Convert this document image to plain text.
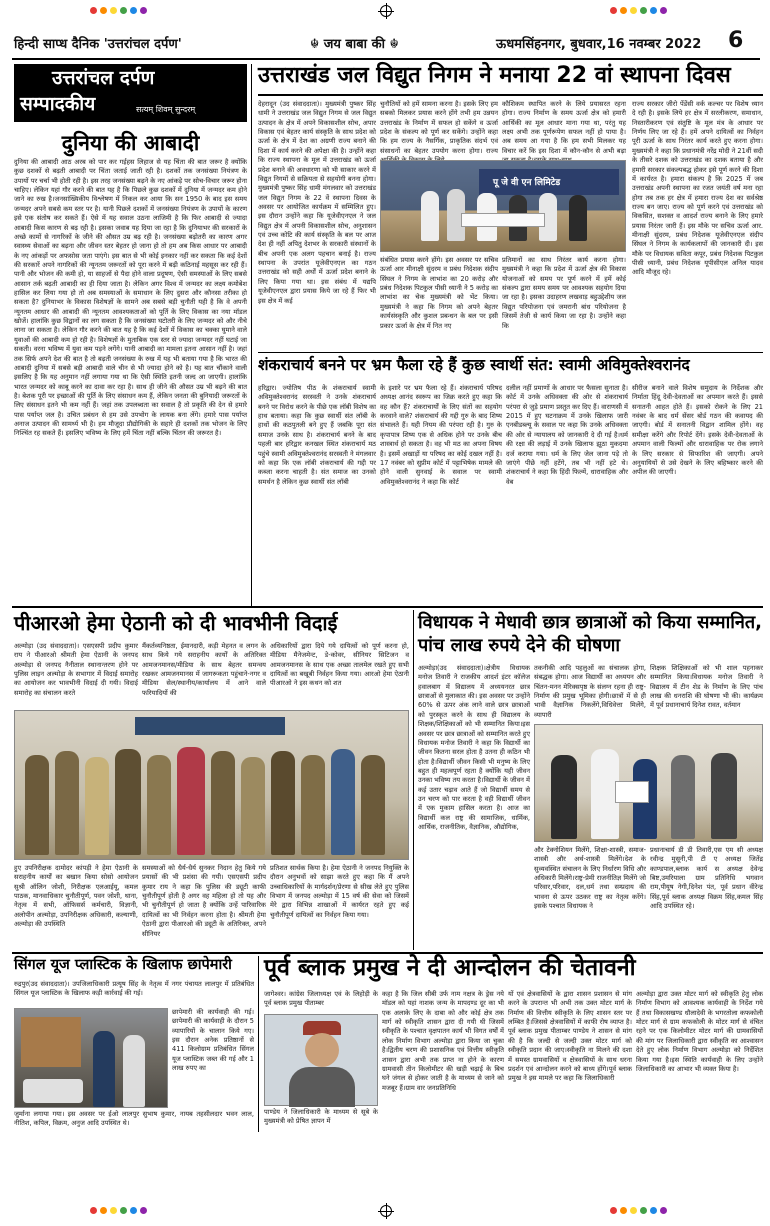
हिन्दी साप्ध दैनिक 'उत्तरांचल दर्पण'	☬ जय बाबा की ☬	ऊधमसिंहनगर, बुधवार,16 नवम्बर 2022 6
उत्तरांचल दर्पण
सम्पादकीय	सत्यम् शिवम् सुन्दरम्
दुनिया की आबादी
दुनिया की आबादी आठ अरब को पार कर गईहस लिहाज से यह चिंता की बात जरूर है क्योंकि कुछ दशकों से बढ़ती आबादी पर चिंता जताई जाती रही है। दशकों तक जनसंख्या नियंत्रण के उपायों पर चर्चा भी होती रही है। इस तरह जनसंख्या बढ़ने के नए आंकड़े पर सोच-विचार जरूर होना चाहिए। लेकिन यहां गौर करने की बात यह है कि पिछले कुछ दशकों में दुनिया में जन्मदर कम होने जाने का रुख है।जनसांख्यिकीय विश्लेषण में निकल कर आया कि सन 1950 के बाद इस समय जन्मदर अपने सबसे कम स्तर पर है। यानी पिछले दशकों में जनसंख्या नियंत्रण के उपायों के कारण इसे एक संतोष कर सकते हैं। ऐसे में यह सवाल उठना लाजिमी है कि फिर आबादी से ज्यादा आबादी किस कारण से बढ़ रही है। इसका जवाब यह दिया जा रहा है कि दुनियाभर की सरकारों के अच्छे कामों से नागरिकों के जीने की औसत उम्र बढ़ रही है। जनसंख्या बढ़ोतरी का कारण अगर स्वास्थ्य सेवाओं का बढ़ना और जीवन स्तर बेहतर हो जाना हो तो हम अब किस आधार पर आबादी के नए आंकड़ों पर अफसोस जता पाएंगे। इस बात से भी कोई इनकार नहीं कर सकता कि कई देशों की सरकारें अपने नागरिकों की न्यूनतम जरूरतों को पूरा करने में बढ़ी कठिनाई महसूस कर रही हैं। पानी और भोजन की कमी हो, या साहजों से पैदा होने वाला प्रदूषण, ऐसी समस्याओं के लिए सबसे आसान तर्क बढ़ती आबादी का ही दिया जाता है। लेकिन अगर विश्व में जन्मदर का लक्ष्य कमोबेश हासिल कर लिया गया हो तो अब समस्याओं के समाधान के लिए दुसरा और कौनसा तरीका हो सकता है? दुनियाभर के विकास विशेषज्ञों के सामने अब सबसे बड़ी चुनौती यही है कि वे अपनी न्यूनतम आधार की आबादी की न्यूनतम आवश्यकताओं को पूर्ति के लिए विकास का नया मॉडल खोजें। हालांकि कुछ विद्वानों का लग सकता है कि जनसंख्या घटोतरी के लिए जन्मदर को और नीचे लाना जा सकता है। लेकिन गौर करने की बात यह है कि कई देशों में विकास का चक्का घुमाने वाले युवाओं की आबादी कम हो रही है। विशेषज्ञों के मुताबिक एक स्तर से ज्यादा जन्मदर नहीं घटाई जा सकती। वरना भविष्य में युवा कम पड़ने लगेंगे। यानी आबादी का मामला इतना आसान नहीं है। जहां तक सिर्फ अपने देश की बात है तो बढ़ती जनसंख्या के रुख में यह भी बताया गया है कि भारत की आबादी दुनिया में सबसे बड़ी आबादी वाले चीन से भी ज्यादा होने को है। यह बात चौंकाने वाली इसलिए है कि यह अनुमान नहीं लगाया गया था कि ऐसी स्थिति इतनी जल्द आ जाएगी। हालांकि भारत जन्मदर को काबू करने का दावा कर रहा है। साथ ही जीने की औसत उम्र भी बढ़ने की बात है। बेशक पूरी पर इच्छाओं की पूर्ति के लिए संसाधन कम हैं, लेकिन जनता की बुनियादी जरूरतों के लिए संसाधन इतने भी कम नहीं हैं। जहां तक उपलब्धता का सवाल है तो प्रकृति की देन से हमारे पास पर्याप्त जल है। उचित प्रबंधन से हम उसे उपभोग के लायक बना लेंगे। हमारे पास पर्याप्त अनाज उत्पादन की सामर्थ्य भी है। हम मौजूदा प्रौद्योगिकी के सहारे ही दशकों तक भोजन के लिए निश्चिंत रह सकते हैं। इसलिए भविष्य के लिए हमें चिंता नहीं बल्कि चिंतन की जरूरत है।
उत्तराखंड जल विद्युत निगम ने मनाया 22 वां स्थापना दिवस
देहरादून (उद संवाददाता)। मुख्यमंत्री पुष्कर सिंह धामी ने उत्तराखंड जल विद्युत निगम से जल विद्युत उत्पादन के क्षेत्र में अपने विकासशील सोच, अपार विकास एवं बेहतर कार्य संस्कृति के साथ प्रदेश को ऊर्जा के क्षेत्र में देश का अग्रणी राज्य बनाने की दिशा में कार्य करने की अपेक्षा की है। उन्होंने कहा कि राज्य स्थापना के मूल में उत्तराखंड को ऊर्जा प्रदेश बनाने की अवधारणा को भी साकार करने में विद्युत निगमों से सक्रियता से सहयोगी बनना होगा।मुख्यमंत्री पुष्कर सिंह धामी मंगलवार को उत्तराखंड जल विद्युत निगम के 22 वें स्थापना दिवस के अवसर पर आयोजित कार्यक्रम में सम्मिलित हुए। इस दौरान उन्होंने कहा कि यूजेवीएनएल ने जल विद्युत क्षेत्र में अपनी विकासशील सोच, अनुशासन एवं उच्च कोटि की कार्य संस्कृति के बल पर आज देश ही नहीं अपितु देशभर के सरकारी संस्थानों के बीच अपनी एक अलग पहचान बनाई है। राज्य स्थापना के उपरांत यूजेवीएनएल का गठन उत्तराखंड को सही अर्थों में ऊर्जा प्रदेश बनाने के लिए किया गया था। इस संबंध में यद्यपि यूजेवीएनएल द्वारा प्रयास किये जा रहे हैं फिर भी इस क्षेत्र में कई
चुनौतियों को हमें सामना करना है। इसके लिए हम सबको मिलकर प्रयास करने होंगे तभी हम उन्नयन उत्तराखंड के निर्माण में सफल हो सकेंगे व ऊर्जा प्रदेश के संकल्प को पूर्ण कर सकेंगे। उन्होंने कहा कि हम राज्य के नैसर्गिक, प्राकृतिक संदर्भ एवं संसाधनों का बेहतर उपयोग करना होगा। राज्य
कौशिकम स्थापित करने के लिये प्रयासरत रहना होगा। राज्य निर्माण के समय ऊर्जा क्षेत्र को हमारी आर्थिकी का मूल आधार माना गया था, परंतु यह लक्ष्य अभी तक पूर्णरूपेण सफल नहीं हो पाया है। अब समय आ गया है कि हम सभी मिलकर यह विचार करें कि इस दिशा में कौन-कौन से अभी बढ़ा
पू जे वी एन लिमिटेड
संबंधित प्रयास करने होंगे। इस अवसर पर सचिव ऊर्जा आर मीनाक्षी सुंदरम व प्रबंध निदेशक संदीप सिंघल ने निगम के लाभांश का 20 करोड़ और प्रबंध निदेशक पिटकुल पीसी ध्यानी ने 5 करोड़ का लाभांश का चेक मुख्यमंत्री को भेंट किया। मुख्यमंत्री ने कहा कि निगम को अपने बेहतर कार्यसंस्कृति और कुशल प्रबन्धन के बल पर इसी प्रकार ऊर्जा के क्षेत्र में नित नए
प्रतिमानों का साथ निरंतर कार्य करना होगा। मुख्यमंत्री ने कहा कि प्रदेश में ऊर्जा क्षेत्र की विकास योजनाओं को समय पर पूर्ण करने में हमें कोई संकल्प द्वारा समय समय पर आवश्यक सहयोग दिया जा रहा है। इसका उदाहरण लखवाड़ बहुउद्देशीय जल विद्युत परियोजना एवं जमरानी बांध परियोजना है जिसमें तेजी से कार्य किया जा रहा है। उन्होंने कहा कि
राज्य सरकार जीरो पेंडेंसी वर्क कल्चर पर विशेष ध्यान दे रही है। इसके लिये हर क्षेत्र में सरलीकरण, समाधान, निस्तारीकरण एवं संतुष्टि के मूल मंत्र के आधार पर निर्णय लिए जा रहे हैं। हमें अपने दायित्वों का निर्वहन पूरी ऊर्जा के साथ निरंतर कार्य करते हुए करना होगा। मुख्यमंत्री ने कहा कि प्रधानमंत्री नरेंद्र मोदी ने 21वीं सदी के तीसरे दशक को उत्तराखंड का दशक बताया है और हमारी सरकार संकल्पबद्ध होकर इसे पूर्ण करने की दिशा में कार्यरत है। हमारा संकल्प है कि 2025 में जब उत्तराखंड अपनी स्थापना का रजत जयंती वर्ष मना रहा होगा तब तक हर क्षेत्र में हमारा राज्य देश का सर्वश्रेष्ठ राज्य बन जाए। राज्य को पूर्ण करने एवं उत्तराखंड को विकसित, सशक्त व आदर्श राज्य बनाने के लिए हमारे प्रयास निरंतर जारी हैं। इस मौके पर सचिव ऊर्जा आर. मीनाक्षी सुंदरम, प्रबंध निदेशक यूजेवीएनएल संदीप सिंघल ने निगम के कार्यकलापों की जानकारी दी। इस मौके पर विधायक सविता कपूर, प्रबंध निदेशक पिटकुल पीसी ध्यानी, प्रबंध निदेशक यूपीसीएल अनिल यादव आदि मौजूद रहे।
शंकराचार्य बनने पर भ्रम फैला रहे हैं कुछ स्वार्थी संत: स्वामी अविमुक्तेश्वरानंद
हरिद्वार। ज्योतिष पीठ के शंकराचार्य स्वामी अविमुक्तेश्वरानंद सरस्वती ने उनके शंकराचार्य बनने पर विरोध करने के पीछे एक लॉबी विशेष का हाथ बताया। कहा कि कुछ स्वार्थी संत लॉबी के हाथों की कठपुतली बने हुए हैं जबकि पूरा संत समाज उनके साथ है। शंकराचार्य बनने के बाद पहली बार हरिद्वार कनखल स्थित शंकराचार्य मठ पहुंचे स्वामी अविमुक्तेश्वरानंद सरस्वती ने मंगलवार को कहा कि एक लॉबी शंकराचार्य की गद्दी पर कब्जा करना चाहती है। संत समाज का उनको समर्थन है लेकिन कुछ स्वार्थी संत लॉबी
के इशारे पर भ्रम फैला रहे हैं। शंकराचार्य परिषद अध्यक्ष आनंद स्वरूप का जिक्र करते हुए कहा कि वह कौन हैं? शंकराचार्यों के लिए संतों का सहयोग करवाने वाले? शंकराचार्य की गद्दी गुरु के बाद शिष्य संभालते हैं। यही नियम की परंपरा रही है। गुरु के कृपापात्र शिष्य एक से अधिक होने पर उनके बीच शास्त्रार्थ हो सकता है। वह भी मठ का अपना विषय है। इसमें अखाड़ों या परिषद का कोई दखल नहीं है। 17 नवंबर को सुप्रीम कोर्ट में पट्टाभिषेक मामले की होने वाली सुनवाई के सवाल पर स्वामी अविमुक्तेश्वरानंद ने कहा कि कोर्ट
दलील नहीं प्रमाणों के आधार पर फैसला सुनाता है। कोर्ट में उनके अधिवक्ता की ओर से शंकराचार्य परंपरा से जुड़े प्रमाण प्रस्तुत कर दिए हैं। वाराणसी में 2015 में हुए घटनाक्रम में उनके खिलाफ जारी एनबीडब्ल्यू के सवाल पर कहा कि उनके अधिवक्ता की ओर से न्यायालय को जानकारी दे दी गई है।धर्म की रक्षा की लड़ाई में उनके खिलाफ झूठा मुकदमा दर्ज कराया गया। धर्म के लिए जेल जाना पड़े तो जाएंगे पीछे नहीं हटेंगे, तब भी नहीं हटे थे। शंकराचार्य ने कहा कि हिंदी फिल्में, धारावाहिक और वेब
सीरीज बनाने वाले विशेष समुदाय के निर्देशक और निर्माता हिंदू देवी-देवताओं का अपमान करते हैं। इससे सनातनी आहत होते हैं। इसको रोकने के लिए 21 नवंबर के बाद धर्म सेंसर बोर्ड गठन की कवायद की जाएगी। बोर्ड में सनातनी विद्वान शामिल होंगे। वह समीक्षा करेंगे और रिपोर्ट देंगे। इसके देवी-देवताओं के अपमान वाली फिल्मों और धारावाहिक पर रोक लगाने के लिए सरकार से सिफारिश की जाएगी। अपने अनुयायियों से उसे देखने के लिए बहिष्कार करने की अपील की जाएगी।
पीआरओ हेमा ऐठानी को दी भावभीनी विदाई
अल्मोड़ा (उद संवाददाता)। एसएसपी प्रदीप कुमार राय ने पीआरओ श्रीमती हेमा ऐठानी के जनपद अल्मोड़ा से जनपद नैनीताल स्थानान्तरण होने पर पुलिस लाइन अल्मोड़ा के सभागार में विदाई समारोह का आयोजन कर भावभीनी विदाई दी गयी। विदाई समारोह का संचालन करते
मैंकर्तव्यनिष्ठता, ईमानदारी, कड़ी मेहनत व लगन के साथ किये गये सराहनीय कार्यों के अतिरिक्त आमजनमानस/मीडिया के साथ बेहतर समन्वय रखकर आमजनमानस में जागरूकता पहुंचाने-नगर व मीडिया सेल/स्थानीय/कार्यालय में आने वाले फरियादियों की
अधिकारियों द्वारा दिये गये दायित्वों को पूर्ण करना हो, मीडिया मैनेजमेन्ट, डे-कोवर, सीनियर सिटिजन व आमजनमानस के साथ एक अच्छा तालमेल रखते हुए सभी दायित्वों का बखूबी निर्वहन किया गया। आरओ हेमा ऐठानी पीआरओ ने इस कथन को शत
हुए उपनिरीक्षक दामोदर कांपड़ी ने हेमा ऐठानी के सराहनीय कार्यों का बखान किया सोसो आयोजन सुश्री ऑलिन जोशी, निरीक्षक एलआईयू, कमल पाठक, मानवाधिकार चुनौतीपूर्ण, पवन जोशी, थाना, नेतृत्व में सभी, ऑफिसर्स कर्मचारी, विज्ञानी, अलोपीन अल्मोड़ा, उपनिरीक्षक अधिकारी, कल्याणी, अल्मोड़ा की उपस्थिति
समस्याओं को धैर्य-धैर्य सुनकर निदान हेतु किये गये प्रयासों की भी प्रशंसा की गयी। एसएसपी प्रदीप कुमार राय ने कहा कि पुलिस की ड्यूटी काफी चुनौतीपूर्ण होती है अगर वह महिला हो तो यह और भी चुनौतीपूर्ण हो जाता है क्योंकि उन्हें पारिवारिक दायित्वों का भी निर्वहन करना होता है। श्रीमती हेमा ऐठानी द्वारा पीआरओ की ड्यूटी के अतिरिक्त, अपने सीनियर
प्रतिशत सार्थक किया है। हेमा ऐठानी ने जनपद नियुक्ति के दौरान अनुभवों को साझा करते हुए कहा कि मैं अपने उच्चाधिकारियों के मार्गदर्शन/प्रेरणा से सीख लेते हुए पुलिस विभाग में जनपद अल्मोड़ा में 15 वर्ष की सेवा को जिसमें मेरे द्वारा विभिन्न शाखाओं में कार्यरत रहते हुए कई चुनौतीपूर्ण दायित्वों का निर्वहन किया गया।
विधायक ने मेधावी छात्र छात्राओं को किया सम्मानित, पांच लाख रुपये देने की घोषणा
अल्मोड़ा(उद संवाददाता)।क्षेत्रीय विधायक मनोज तिवारी ने राजकीय आदर्श इंटर कॉलेज हवालबाग में विद्यालय में अध्ययनरत छात्र छात्राओं से मुलाकात की। इस अवसर पर उन्होंने 60% से ऊपर अंक लाने वाले छात्र छात्राओं को पुरस्कृत करने के साथ ही विद्यालय के शिक्षक/शिक्षिकाओं को भी सम्मानित किया।इस अवसर पर छात्र छात्राओं को सम्मानित करते हुए विधायक मनोज तिवारी ने कहा कि विद्यार्थी का जीवन कितना सरल होता है उतना ही कठिन भी होता है।विद्यार्थी जीवन किसी भी मनुष्य के लिए बहुत ही महत्वपूर्ण रहता है क्योंकि यही जीवन उनका भविष्य तय करता है।विद्यार्थी के जीवन में कई उतार चढ़ाव आते हैं जो विद्यार्थी समय से उन चरण को पार करता है वही विद्यार्थी जीवन में एक मुकाम हासिल करता है। आज का विद्यार्थी कल राष्ट्र की सामाजिक, धार्मिक, आर्थिक, राजनीतिक, वैज्ञानिक, औद्योगिक,
तकनीकी आदि पहलुओं का संचालक होगा, संबद्धक होगा। आज विद्यार्थी का अध्ययन और चिंतन-मनन मेरिक्सपृष्ठ के संलग्न रहना ही राष्ट्र-निर्माण की प्रमुख भूमिका होगी।छात्रों में से ही भावी वैज्ञानिक निकलेंगे,विधिवेत्ता मिलेंगे, व्यापारी
शिक्षक शिक्षिकाओं को भी शाल पहनाकर सम्मानित किया।विधायक मनोज तिवारी ने विद्यालय में टीन शेड के निर्माण के लिए पांच लाख की धनराशि की घोषणा भी की। कार्यक्रम में पूर्व प्रधानाचार्य दिनेश रावत, वर्तमान
और टेक्नोशियन मिलेंगे, शिक्षा-शास्त्री, समाज-शास्त्री और अर्थ-शास्त्री मिलेंगे।देश के सुव्यवस्थित संचालन के लिए निर्धारण विधि और अधिकारी मिलेंगे।राष्ट्र-प्रेमी राजनीतिज्ञ मिलेंगे जो परिवार,परिवार, दल,धर्म तथा सम्प्रदाय की भावना से ऊपर उठकर राष्ट्र का नेतृत्व करेंगे। इसके पश्चात विधायक ने
प्रधानाचार्य डी डी तिवारी,एस एम सी अध्यक्ष रवीन्द्र मुसूनी,पी टी ए अध्यक्ष जितेंद्र काण्डपाल,ब्लाक कार्य स अध्यक्ष देवेन्द्र बिष्ट,उमरियाला ग्राम प्रतिनिधि भगवान राम,पीयूष नेगी,दिनेश पंत, पूर्व प्रधान वीरेन्द्र सिंह,पूर्व ब्लाक अध्यक्ष विक्रम सिंह,कमल सिंह आदि उपस्थित रहे।
सिंगल यूज प्लास्टिक के खिलाफ छापेमारी
रुद्रपुर(उद संवाददाता)। उपजिलाधिकारी प्रत्यूष सिंह के नेतृत्व में नगर पंचायत लालपुर में प्रतिबंधित सिंगल यूज प्लास्टिक के खिलाफ कड़ी कार्रवाई की गई।
छापेमारी की कार्यवाही की गई। छापेमारी की कार्यवाही के दौरान 5 व्यापारियों के चालान किये गए। इस दौरान अनेक प्रतिष्ठानों से 411 किलोग्राम प्रतिबंधित सिंगल यूज प्लास्टिक जब्त की गई और 1 लाख रुपए का
जुर्माना लगाया गया। इस अवसर पर ईओ लालपुर सुभाष कुमार, नायब तहसीलदार भवन लाल, नीतिश, कपिल, विक्रम, अनुज आदि उपस्थित थे।
पूर्व ब्लाक प्रमुख ने दी आन्दोलन की चेतावनी
जागेश्वर। कांग्रेस जिलाध्यक्ष एवं के लिहोड़ी के पूर्व ब्लाक प्रमुख पीताम्बर
पाण्डेय ने जिलाधिकारी के माध्यम से सूबे के मुख्यमंत्री को प्रेषित ज्ञापन में
कहा है कि जिल सीबी उर्फ नाम नक्षत्र के ड्रेस नये मॉडल को यहां नाशक जन्म के मापदण्ड दूर का भी एक अलाके लिए के दाबा को और कोई क्षेत्र तक मार्ग को स्वीकृति शासन द्वारा दी गयी थी जिसमें स्वीकृति के पश्चात वृक्षपातन कार्य भी विगत वर्षों में लोक निर्माण विभाग अल्मोड़ा द्वारा किया जा चुका है।द्वितीय चरण की प्रशासनिक एवं वित्तीय स्वीकृति शासन द्वारा अभी तक प्राप्त ना होने के कारण ग्रामवासी तीन किलोमीटर की खड़ी चढ़ाई के बिच घने जंगल से होकर जाती है के माध्यम से जाने को मजबूर हैं।ग्राम वार जनप्रतिनिधि
यों एवं क्षेत्रवासियों के द्वारा शासन प्रशासन से मांग करने के उपरान्त भी अभी तक उक्त मोटर मार्ग के निर्माण की वित्तीय स्वीकृति के लिए शासन स्तर पर लम्बित है।जिससे क्षेत्रवासियों में काफी रोष व्याप्त है।पूर्व ब्लाक प्रमुख पीताम्बर पाण्डेय ने शासन से मांग की है कि जल्दी से जल्दी उक्त मोटर मार्ग को स्वीकृति प्रदान की जाए।स्वीकृति ना मिलने की दशा में समस्त ग्रामवासियों व क्षेत्रवासियों के साथ धरना प्रदर्शन एवं आन्दोलन करने को बाध्य होंगे।पूर्व ब्लाक प्रमुख ने इस मामले पर कहा कि जिलाधिकारी
अल्मोड़ा द्वारा उक्त मोटर मार्ग को स्वीकृति हेतु लोक निर्माण विभाग को आवश्यक कार्यवाही के निर्देश गये हैं तथा विकासखण्ड धौलादेवी के भगरतोला कफकोली मोटर मार्ग से ग्राम कफकोली के मोटर मार्ग से वंचित रहने पर एक किलोमीटर मोटर मार्ग की ग्रामवासियों की मांग पर जिलाधिकारी द्वारा स्वीकृति का आश्वासन देते हुए लोक निर्माण विभाग अल्मोड़ा को निर्देशित किया गया है।इस स्थिति कार्यवाही के लिए उन्होंने जिलाधिकारी का आभार भी व्यक्त किया है।
